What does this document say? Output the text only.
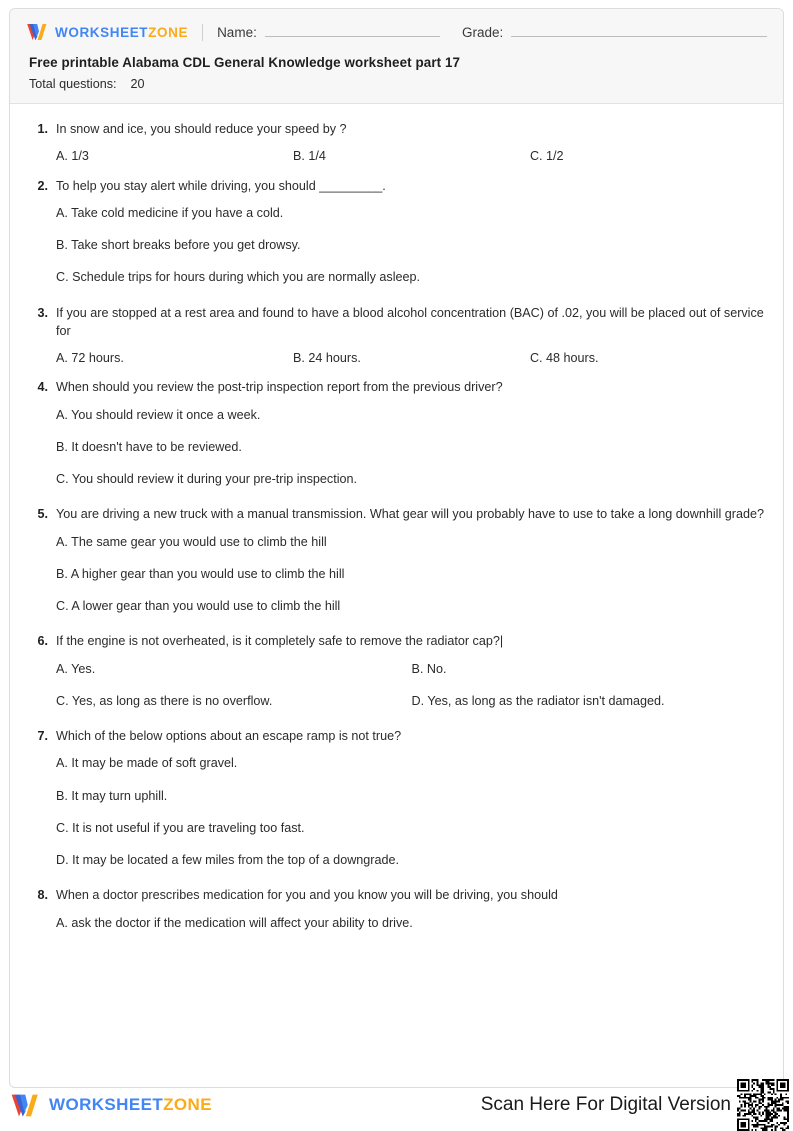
WORKSHEETZONE Name:	Grade:
Free printable Alabama CDL General Knowledge worksheet part 17
Total questions: 20
1. In snow and ice, you should reduce your speed by ?
A. 1/3	B. 1/4	C. 1/2
2. To help you stay alert while driving, you should _________.
A. Take cold medicine if you have a cold.
B. Take short breaks before you get drowsy.
C. Schedule trips for hours during which you are normally asleep.
3. If you are stopped at a rest area and found to have a blood alcohol concentration (BAC) of .02, you will be placed out of service for
A. 72 hours.	B. 24 hours.	C. 48 hours.
4. When should you review the post-trip inspection report from the previous driver?
A. You should review it once a week.
B. It doesn't have to be reviewed.
C. You should review it during your pre-trip inspection.
5. You are driving a new truck with a manual transmission. What gear will you probably have to use to take a long downhill grade?
A. The same gear you would use to climb the hill
B. A higher gear than you would use to climb the hill
C. A lower gear than you would use to climb the hill
6. If the engine is not overheated, is it completely safe to remove the radiator cap?|
A. Yes.	B. No.
C. Yes, as long as there is no overflow.	D. Yes, as long as the radiator isn't damaged.
7. Which of the below options about an escape ramp is not true?
A. It may be made of soft gravel.
B. It may turn uphill.
C. It is not useful if you are traveling too fast.
D. It may be located a few miles from the top of a downgrade.
8. When a doctor prescribes medication for you and you know you will be driving, you should
A. ask the doctor if the medication will affect your ability to drive.
WORKSHEETZONE	Scan Here For Digital Version
